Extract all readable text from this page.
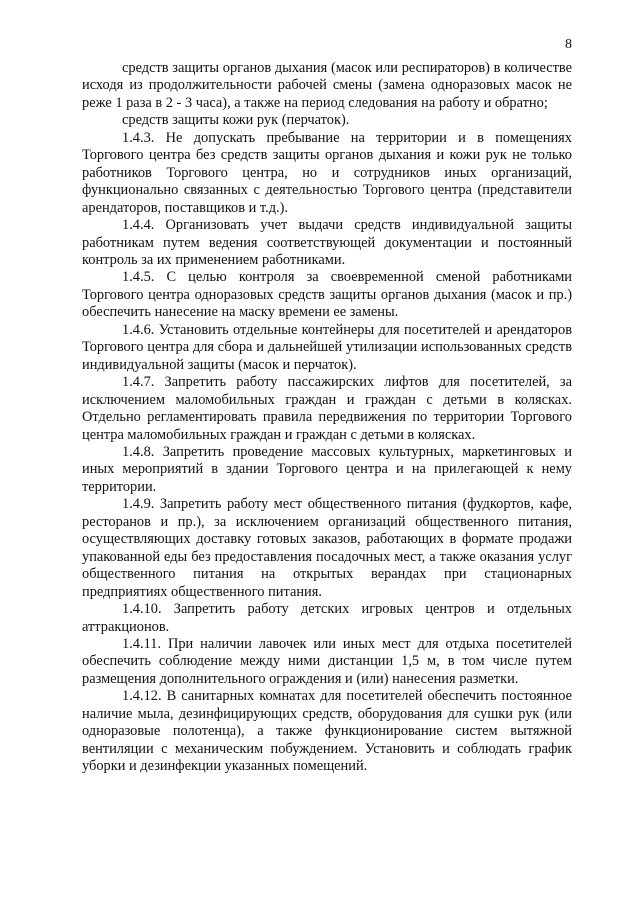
8

средств защиты органов дыхания (масок или респираторов) в количестве исходя из продолжительности рабочей смены (замена одноразовых масок не реже 1 раза в 2 - 3 часа), а также на период следования на работу и обратно;

средств защиты кожи рук (перчаток).

1.4.3. Не допускать пребывание на территории и в помещениях Торгового центра без средств защиты органов дыхания и кожи рук не только работников Торгового центра, но и сотрудников иных организаций, функционально связанных с деятельностью Торгового центра (представители арендаторов, поставщиков и т.д.).

1.4.4. Организовать учет выдачи средств индивидуальной защиты работникам путем ведения соответствующей документации и постоянный контроль за их применением работниками.

1.4.5. С целью контроля за своевременной сменой работниками Торгового центра одноразовых средств защиты органов дыхания (масок и пр.) обеспечить нанесение на маску времени ее замены.

1.4.6. Установить отдельные контейнеры для посетителей и арендаторов Торгового центра для сбора и дальнейшей утилизации использованных средств индивидуальной защиты (масок и перчаток).

1.4.7. Запретить работу пассажирских лифтов для посетителей, за исключением маломобильных граждан и граждан с детьми в колясках. Отдельно регламентировать правила передвижения по территории Торгового центра маломобильных граждан и граждан с детьми в колясках.

1.4.8. Запретить проведение массовых культурных, маркетинговых и иных мероприятий в здании Торгового центра и на прилегающей к нему территории.

1.4.9. Запретить работу мест общественного питания (фудкортов, кафе, ресторанов и пр.), за исключением организаций общественного питания, осуществляющих доставку готовых заказов, работающих в формате продажи упакованной еды без предоставления посадочных мест, а также оказания услуг общественного питания на открытых верандах при стационарных предприятиях общественного питания.

1.4.10. Запретить работу детских игровых центров и отдельных аттракционов.

1.4.11. При наличии лавочек или иных мест для отдыха посетителей обеспечить соблюдение между ними дистанции 1,5 м, в том числе путем размещения дополнительного ограждения и (или) нанесения разметки.

1.4.12. В санитарных комнатах для посетителей обеспечить постоянное наличие мыла, дезинфицирующих средств, оборудования для сушки рук (или одноразовые полотенца), а также функционирование систем вытяжной вентиляции с механическим побуждением. Установить и соблюдать график уборки и дезинфекции указанных помещений.
